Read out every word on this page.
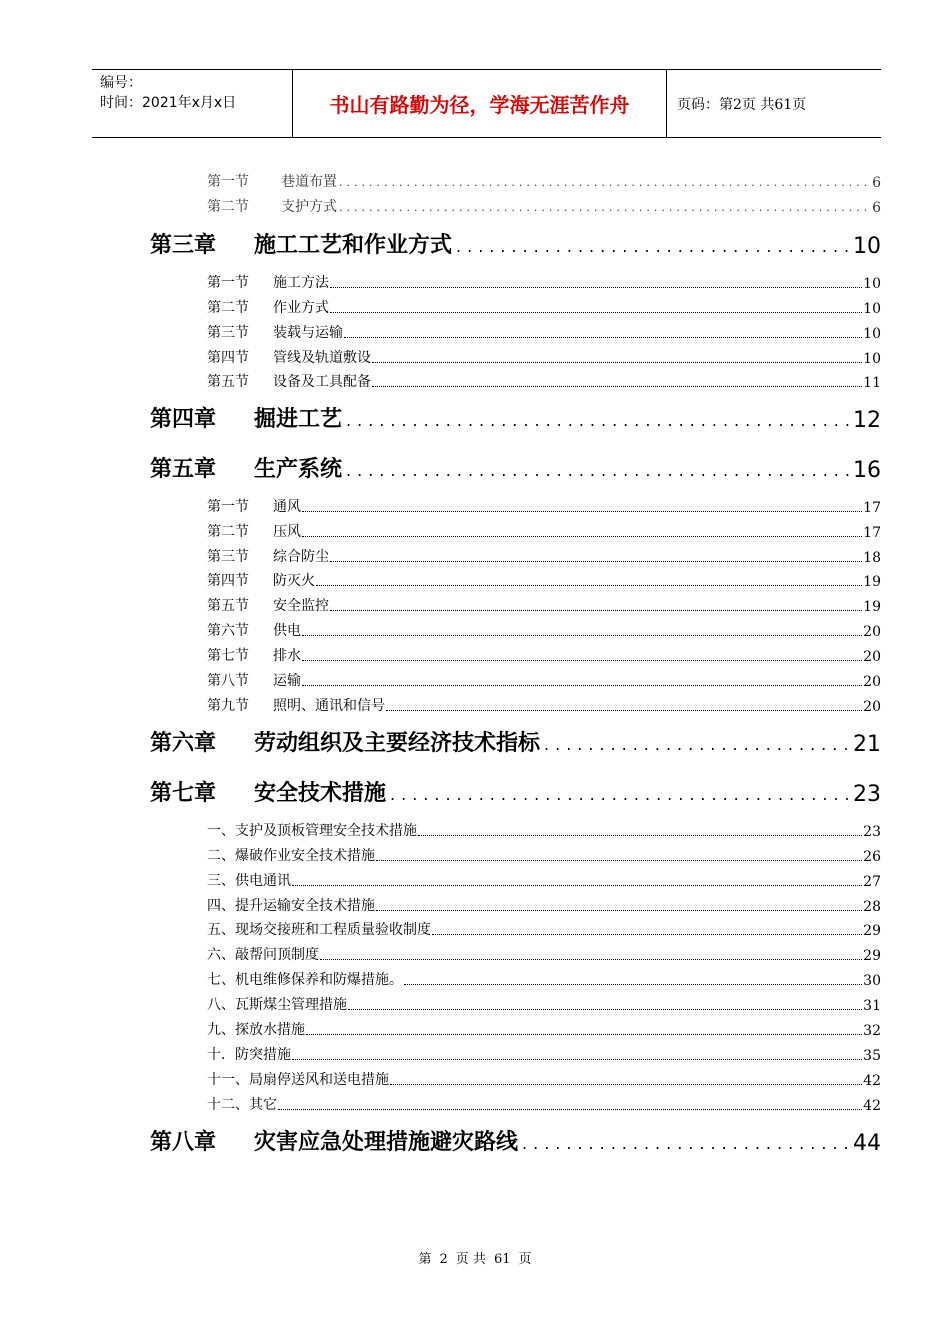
编号：
时间：2021年x月x日	书山有路勤为径，学海无涯苦作舟	页码：第2页 共61页
第一节	巷道布置 .....	6
第二节	支护方式 .....	6
第三章	施工工艺和作业方式 .....	10
第一节	施工方法	10
第二节	作业方式	10
第三节	装载与运输	10
第四节	管线及轨道敷设	10
第五节	设备及工具配备	11
第四章	掘进工艺 .....	12
第五章	生产系统 .....	16
第一节	通风	17
第二节	压风	17
第三节	综合防尘	18
第四节	防灭火	19
第五节	安全监控	19
第六节	供电	20
第七节	排水	20
第八节	运输	20
第九节	照明、通讯和信号	20
第六章	劳动组织及主要经济技术指标 .....	21
第七章	安全技术措施 .....	23
一、支护及顶板管理安全技术措施	23
二、爆破作业安全技术措施	26
三、供电通讯	27
四、提升运输安全技术措施	28
五、现场交接班和工程质量验收制度	29
六、敲帮问顶制度	29
七、机电维修保养和防爆措施。	30
八、瓦斯煤尘管理措施	31
九、探放水措施	32
十．防突措施	35
十一、局扇停送风和送电措施	42
十二、其它	42
第八章	灾害应急处理措施避灾路线 .....	44
第 2 页 共 61 页
